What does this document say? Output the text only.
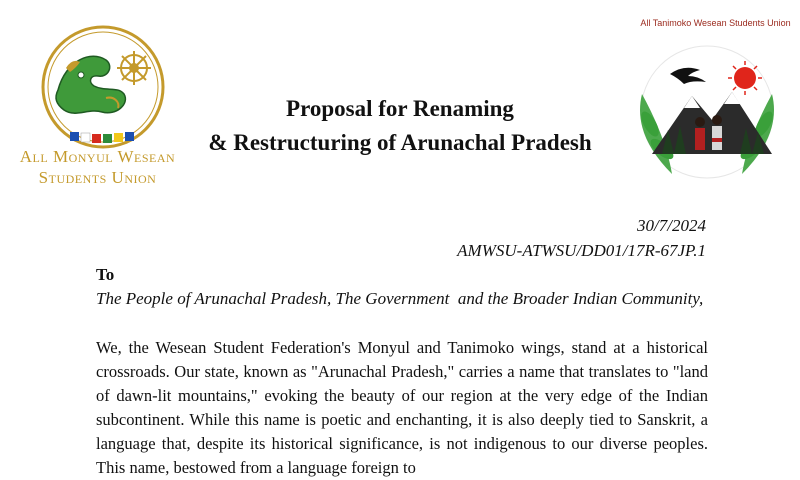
All Monyul Wesean
Students Union
All Tanimoko Wesean Students Union
Proposal for Renaming
& Restructuring of Arunachal Pradesh
30/7/2024
AMWSU-ATWSU/DD01/17R-67JP.1
To
The People of Arunachal Pradesh, The Government  and the Broader Indian Community,
We, the Wesean Student Federation's Monyul and Tanimoko wings, stand at a historical crossroads. Our state, known as "Arunachal Pradesh," carries a name that translates to "land of dawn-lit mountains," evoking the beauty of our region at the very edge of the Indian subcontinent. While this name is poetic and enchanting, it is also deeply tied to Sanskrit, a language that, despite its historical significance, is not indigenous to our diverse peoples. This name, bestowed from a language foreign to
